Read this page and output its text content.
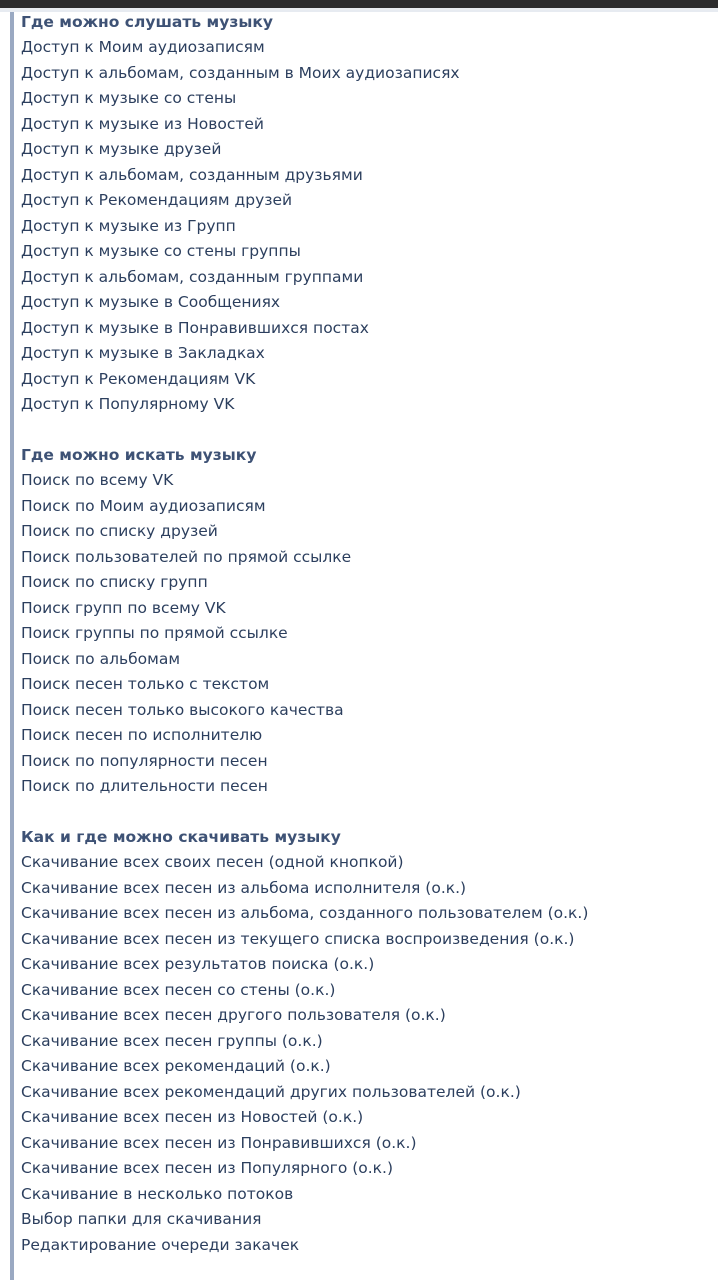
Где можно слушать музыку
Доступ к Моим аудиозаписям
Доступ к альбомам, созданным в Моих аудиозаписях
Доступ к музыке со стены
Доступ к музыке из Новостей
Доступ к музыке друзей
Доступ к альбомам, созданным друзьями
Доступ к Рекомендациям друзей
Доступ к музыке из Групп
Доступ к музыке со стены группы
Доступ к альбомам, созданным группами
Доступ к музыке в Сообщениях
Доступ к музыке в Понравившихся постах
Доступ к музыке в Закладках
Доступ к Рекомендациям VK
Доступ к Популярному VK
Где можно искать музыку
Поиск по всему VK
Поиск по Моим аудиозаписям
Поиск по списку друзей
Поиск пользователей по прямой ссылке
Поиск по списку групп
Поиск групп по всему VK
Поиск группы по прямой ссылке
Поиск по альбомам
Поиск песен только с текстом
Поиск песен только высокого качества
Поиск песен по исполнителю
Поиск по популярности песен
Поиск по длительности песен
Как и где можно скачивать музыку
Скачивание всех своих песен (одной кнопкой)
Скачивание всех песен из альбома исполнителя (о.к.)
Скачивание всех песен из альбома, созданного пользователем (о.к.)
Скачивание всех песен из текущего списка воспроизведения (о.к.)
Скачивание всех результатов поиска (о.к.)
Скачивание всех песен со стены (о.к.)
Скачивание всех песен другого пользователя (о.к.)
Скачивание всех песен группы (о.к.)
Скачивание всех рекомендаций (о.к.)
Скачивание всех рекомендаций других пользователей (о.к.)
Скачивание всех песен из Новостей (о.к.)
Скачивание всех песен из Понравившихся (о.к.)
Скачивание всех песен из Популярного (о.к.)
Скачивание в несколько потоков
Выбор папки для скачивания
Редактирование очереди закачек
